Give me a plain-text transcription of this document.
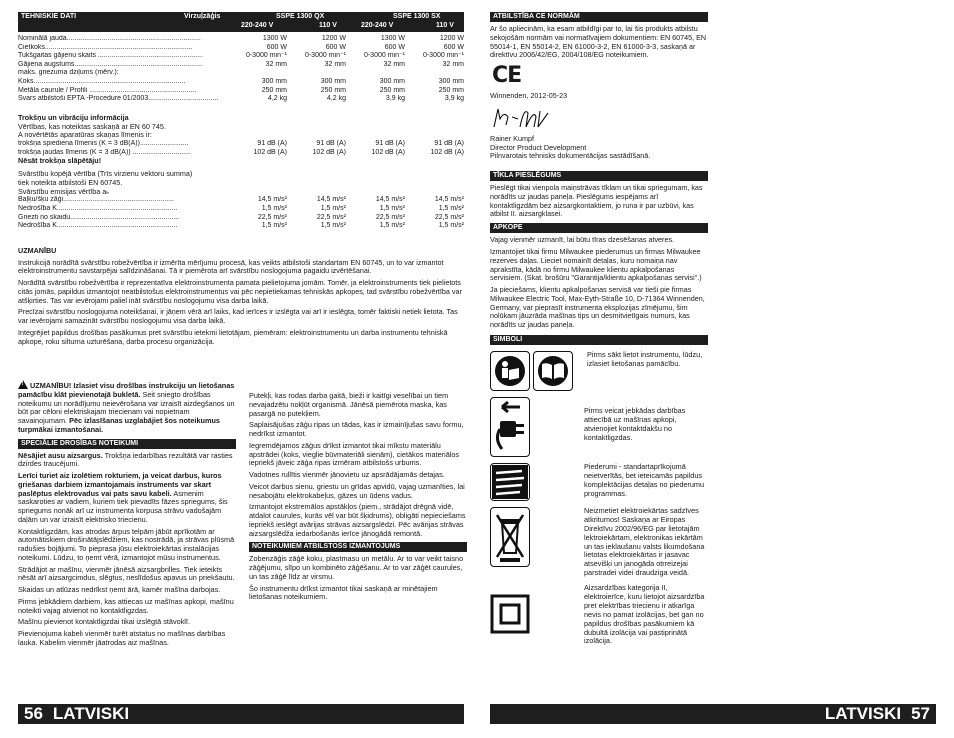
TEHNISKIE DATI	Virzuļzāģis	SSPE 1300 QX	SSPE 1300 SX
220-240 V	110 V	220-240 V	110 V
Nominālā jauda.....................................................................	1300 W	1200 W	1300 W	1200 W
Cietkoks............................................................................	600 W	600 W	600 W	600 W
Tukšgaitas gājienu skaits ......................................................	0-3000 min⁻¹	0-3000 min⁻¹	0-3000 min⁻¹	0-3000 min⁻¹
Gājiena augstums..................................................................	32 mm	32 mm	32 mm	32 mm
maks. griezuma dziļums (mērv.):
Koks..............................................................................	300 mm	300 mm	300 mm	300 mm
Metāla caurule / Profili .......................................................	250 mm	250 mm	250 mm	250 mm
Svars atbilstoši EPTA -Procedure 01/2003....................................	4,2 kg	4,2 kg	3,9 kg	3,9 kg
Trokšņu un vibrāciju informācija
Vērtības, kas noteiktas saskaņā ar EN 60 745.
A novērtētās aparatūras skaņas līmenis ir:
trokšņa spiediena līmenis (K = 3 dB(A)).........................	91 dB (A)	91 dB (A)	91 dB (A)	91 dB (A)
trokšņa jaudas līmenis (K = 3 dB(A)) ..............................	102 dB (A)	102 dB (A)	102 dB (A)	102 dB (A)
Nēsāt trokšņa slāpētāju!
Svārstību kopējā vērtība (Trīs virzienu vektoru summa)
tiek noteikta atbilstoši EN 60745.
Svārstību emisijas vērtība aₕ
Baļķu/šķu zāģi.........................................................	14,5 m/s²	14,5 m/s²	14,5 m/s²	14,5 m/s²
Nedrošība K..............................................................	1,5 m/s²	1,5 m/s²	1,5 m/s²	1,5 m/s²
Griezti no skaidu........................................................	22,5 m/s²	22,5 m/s²	22,5 m/s²	22,5 m/s²
Nedrošība K..............................................................	1,5 m/s²	1,5 m/s²	1,5 m/s²	1,5 m/s²
UZMANĪBU

Instrukcijā norādītā svārstību robežvērtība ir izmērīta mērījumu procesā, kas veikts atbilstoši standartam EN 60745, un to var izmantot elektroinstrumentu savstarpējai salīdzināšanai. Tā ir piemērota arī svārstību noslogojuma pagaidu izvērtēšanai.

Norādītā svārstību robežvērtība ir reprezentatīva elektroinstrumenta pamata pielietojuma jomām. Tomēr, ja elektroinstruments tiek pielietots citās jomās, papildus izmantojot neatbilstošus elektroinstrumentus vai pēc nepietiekamas tehniskās apkopes, tad svārstību robežvērtība var atšķirties. Tas var ievērojami paliel ināt svārstību noslogojumu visa darba laikā.

Precīzai svārstību noslogojuma noteikšanai, ir jāņem vērā arī laiks, kad ierīces ir izslēgta vai arī ir ieslēgta, tomēr faktiski netiek lietota. Tas var ievērojami samazināt svārstību noslogojumu visa darba laikā.

Integrējiet papildus drošības pasākumus pret svārstību ietekmi lietotājam, piemēram: elektroinstrumentu un darba instrumentu tehniskā apkope, roku silturna uzturēšana, darba procesu organizācija.

!UZMANĪBU! Izlasiet visu drošības instrukciju un lietošanas pamācību klāt pievienotajā bukletā. Seit sniegto drošības noteikumu un norādījumu neievērošana var izraisīt aizdegšanos un būt par cēloni elektriskajam triecienam vai nopietnam savainojumam. Pēc izlasīšanas uzglabājiet šos noteikumus turpmākai izmantošanai.

SPECIĀLIE DROŠĪBAS NOTEIKUMI

Nēsājiet ausu aizsargus. Trokšņa iedarbības rezultātā var rasties dzirdes traucējumi.

Lerīci turiet aiz izolētiem rokturiem, ja veicat darbus, kuros griešanas darbiem izmantojamais instruments var skart paslēptus elektrovadus vai pats savu kabeli. Asmenim saskaroties ar vadiem, kuriem tiek pievadīts fāzes spriegums, šis spriegums nonāk arī uz instrumenta korpusa strāvu vadošajām daļām un var izraisīt elektrisko triecienu.

Kontaktligzdām, kas atrodas ārpus telpām jābūt aprīkotām ar automātiskiem drošinātājslēdžiem, kas nostrādā, ja strāvas plūsmā radušies bojājumi. To pieprasa jūsu elektroiekārtas instalācijas noteikumi. Lūdzu, to ņemt vērā, izmantojot mūsu instrumentus.

Strādājot ar mašīnu, vienmēr jānēsā aizsargbrilles. Tiek ieteikts nēsāt arī aizsargcimdus, slēgtus, neslīdošus apavus un priekšautu.

Skaidas un atlūzas nedrīkst ņemt ārā, kamēr mašīna darbojas.

Pirms jebkādiem darbiem, kas attiecas uz mašīnas apkopi, mašīnu noteikti vajag atvienot no kontaktligzdas.

Mašīnu pievienot kontaktligzdai tikai izslēgtā stāvoklī.

Pievienojuma kabeli vienmēr turēt atstatus no mašīnas darbības lauka. Kabelim vienmēr jāatrodas aiz mašīnas.

Putekļi, kas rodas darba gaitā, bieži ir kaitīgi veselībai un tiem nevajadzētu nokļūt organismā. Jānēsā piemērota maska, kas pasargā no putekļiem.

Saplaisājušas zāģu ripas un tādas, kas ir izmainījušas savu formu, nedrīkst izmantot.

Iegremdējamos zāģus drīkst izmantot tikai mīkstu materiālu apstrādei (koks, vieglie būvmateriāli sienām), cietākos materiālos iepriekš jāveic zāģa ripas izmēram atbilstošs urbums.

Vadotnes rullītis vienmēr jānovietu uz apsrādājamās detajas.

Veicot darbus sienu, griestu un grīdas apvidū, vajag uzmanīties, lai nesabojātu elektrokabeļus, gāzes un ūdens vadus.

Izmantojot ekstremālos apstākļos (piem., strādājot drēgnā vidē, atdalot caurules, kurās vēl var būt šķidrums), obligāti nepieciešams iepriekš ieslēgt avārijas strāvas aizsargslēdzi. Pēc avārijas strāvas aizsargslēdža iedarbošanās ierīce jānogādā remontā.

NOTEIKUMIEM ATBILSTOŠS IZMANTOJUMS

Zobenzāģis zāģē koku, plastmasu un metālu. Ar to var veikt taisno zāģējumu, slīpo un kombinēto zāģēšanu. Ar to var zāģēt caurules, un tas zāģē līdz ar virsmu.

Šo instrumentu drīkst izmantot tikai saskaņā ar minētajiem lietošanas noteikumiem.

56 LATVISKI
ATBILSTĪBA CE NORMĀM

Ar šo apliecinām, ka esam atbildīgi par to, lai šis produkts atbilstu sekojošām normām vai normatīvajiem dokumentiem: EN 60745, EN 55014-1, EN 55014-2, EN 61000-3-2, EN 61000-3-3, saskaņā ar direktīvu 2006/42/EG, 2004/108/EG noteikumiem.

CE

Winnenden, 2012-05-23

Rainer Kumpf
Director Product Development
Pilnvarotais tehnisks dokumentācijas sastādīšanā.
TĪKLA PIESLĒGUMS

Pieslēgt tikai vienpola maiņstrāvas tīklam un tikai spriegumam, kas norādīts uz jaudas paneļa. Pieslēgums iespējams arī kontaktligzdām bez aizsargkontaktiem, jo runa ir par uzbūvi, kas atbilst II. aizsargklasei.

APKOPE

Vajag vienmēr uzmanīt, lai būtu tīras dzesēšanas atveres.

Izmantojiet tikai firmu Milwaukee piederumus un firmas Milwaukee rezerves daļas. Lieciet nomainīt detaļas, kuru nomaiņa nav aprakstīta, kādā no firmu Milwaukee klientu apkalpošanas servisiem. (Skat. brošūru "Garantija/klientu apkalpošanas servisi".)

Ja pieciešams, klientu apkalpošanas servisā var tieši pie firmas Milwaukee Electric Tool, Max-Eyth-Straße 10, D-71364 Winnenden, Germany, var pieprasīt instrumenta eksplozijas zīmējumu, šim nolūkam jāuzrāda mašīnas tips un desmitvietīgais numurs, kas norādīts uz jaudas paneļa.

SIMBOLI
Pirms sākt lietot instrumentu, lūdzu, izlasiet lietošanas pamācību.
Pirms veicat jebkādas darbības attiecībā uz mašīnas apkopi, atvienojiet kontaktdakšu no kontaktligzdas.
Piederumi - standartaprīkojumā neietverītās, bet ieteicamās papildus komplektācijas detaļas no piederumu programmas.
Neizmetiet elektroiekārtas sadzīves atkritumos! Saskaņa ar Eiropas Direktīvu 2002/96/EG par lietotajām lektroiekārtam, elektronikas iekārtām un tas ieklaušanu valsts likumdošana lietotas elektroiekārtas ir jasavac atsevišķi un janogāda otrreizejai parstradei videi draudziga veidā.
Aizsardzības kategorija II, elektroierīce, kuru lietojot aizsardzība pret elektrības triecienu ir atkarīga nevis no pamat izolācijas, bet gan no papildus drošības pasākumiem kā dubultā izolācija vai pastiprinātā izolācija.
LATVISKI 57
